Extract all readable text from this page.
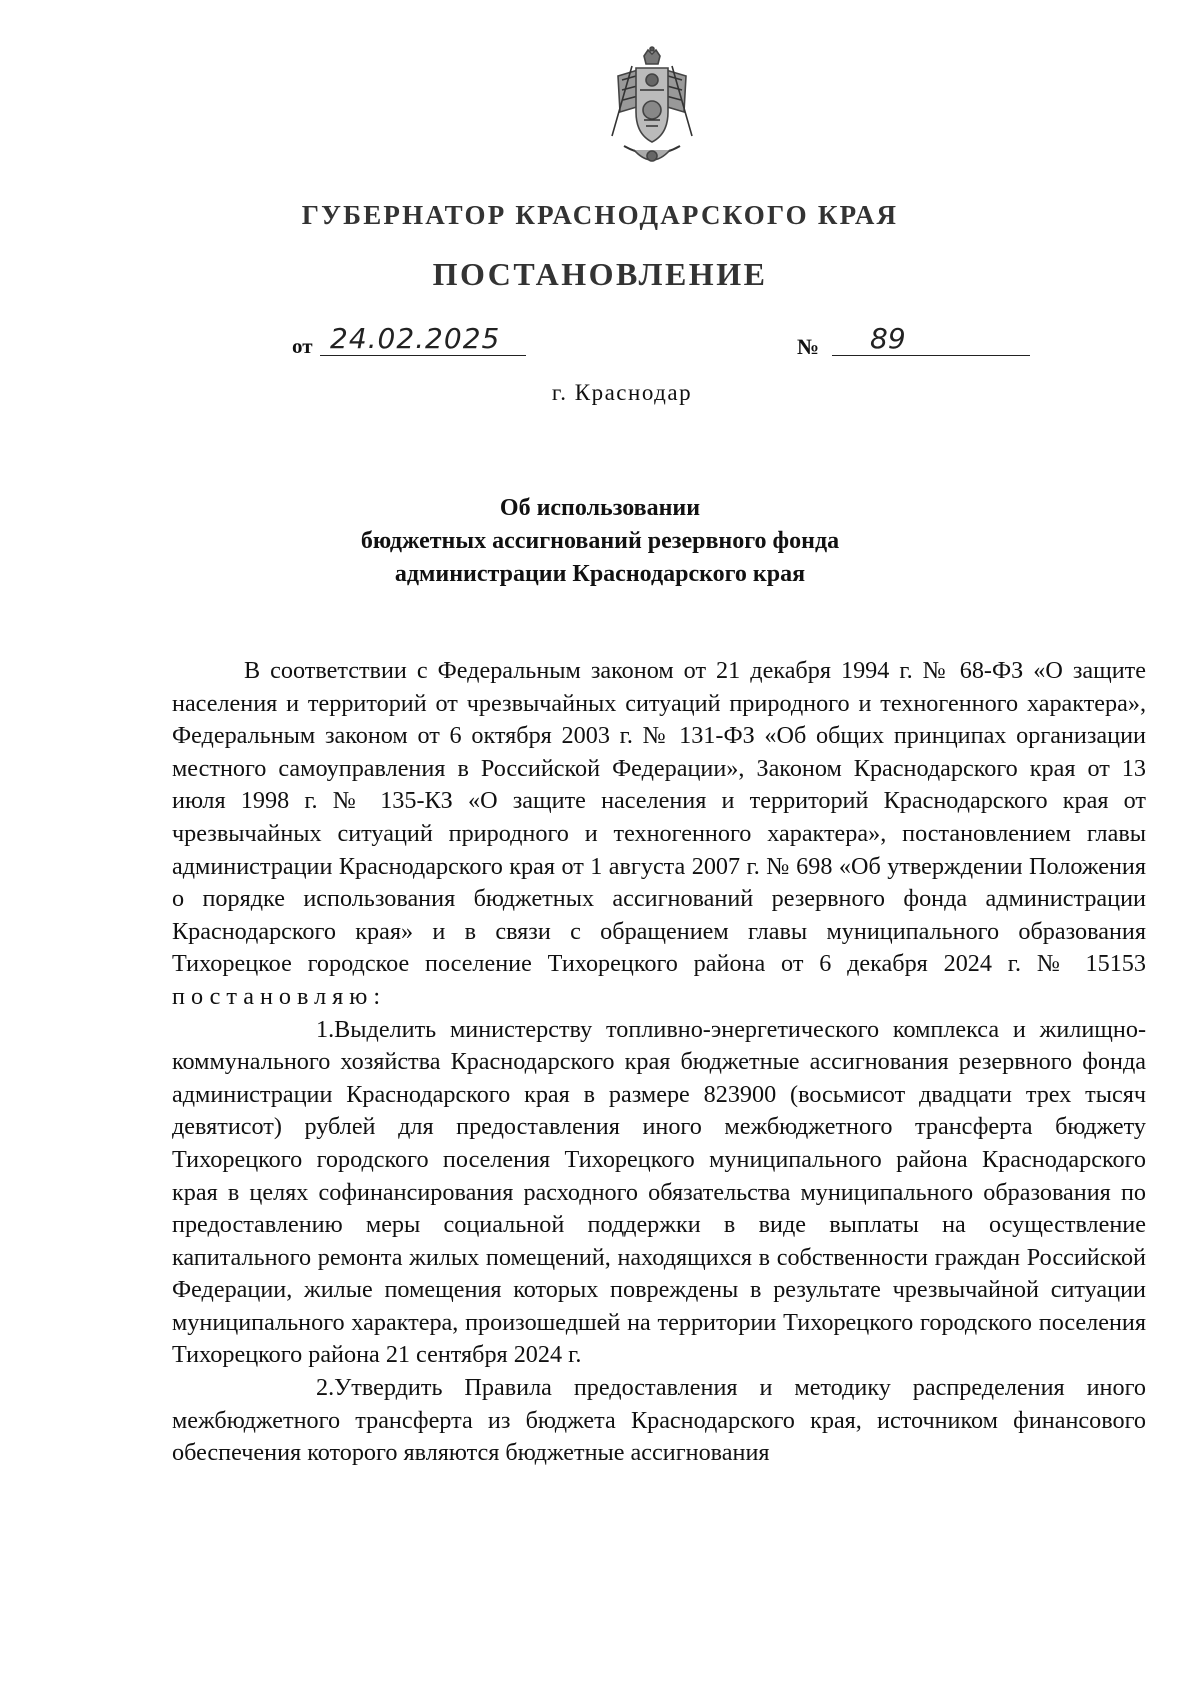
ГУБЕРНАТОР КРАСНОДАРСКОГО КРАЯ
ПОСТАНОВЛЕНИЕ
от 24.02.2025	№	89
г. Краснодар
Об использовании
бюджетных ассигнований резервного фонда
администрации Краснодарского края

В соответствии с Федеральным законом от 21 декабря 1994 г. № 68-ФЗ «О защите населения и территорий от чрезвычайных ситуаций природного и техногенного характера», Федеральным законом от 6 октября 2003 г. № 131-ФЗ «Об общих принципах организации местного самоуправления в Российской Федерации», Законом Краснодарского края от 13 июля 1998 г. № 135-КЗ «О защите населения и территорий Краснодарского края от чрезвычайных ситуаций природного и техногенного характера», постановлением главы администрации Краснодарского края от 1 августа 2007 г. № 698 «Об утверждении Положения о порядке использования бюджетных ассигнований резервного фонда администрации Краснодарского края» и в связи с обращением главы муниципального образования Тихорецкое городское поселение Тихорецкого района от 6 декабря 2024 г. № 15153 постановляю:

1.Выделить министерству топливно-энергетического комплекса и жилищно-коммунального хозяйства Краснодарского края бюджетные ассигнования резервного фонда администрации Краснодарского края в размере 823900 (восьмисот двадцати трех тысяч девятисот) рублей для предоставления иного межбюджетного трансферта бюджету Тихорецкого городского поселения Тихорецкого муниципального района Краснодарского края в целях софинансирования расходного обязательства муниципального образования по предоставлению меры социальной поддержки в виде выплаты на осуществление капитального ремонта жилых помещений, находящихся в собственности граждан Российской Федерации, жилые помещения которых повреждены в результате чрезвычайной ситуации муниципального характера, произошедшей на территории Тихорецкого городского поселения Тихорецкого района 21 сентября 2024 г.

2.Утвердить Правила предоставления и методику распределения иного межбюджетного трансферта из бюджета Краснодарского края, источником финансового обеспечения которого являются бюджетные ассигнования
